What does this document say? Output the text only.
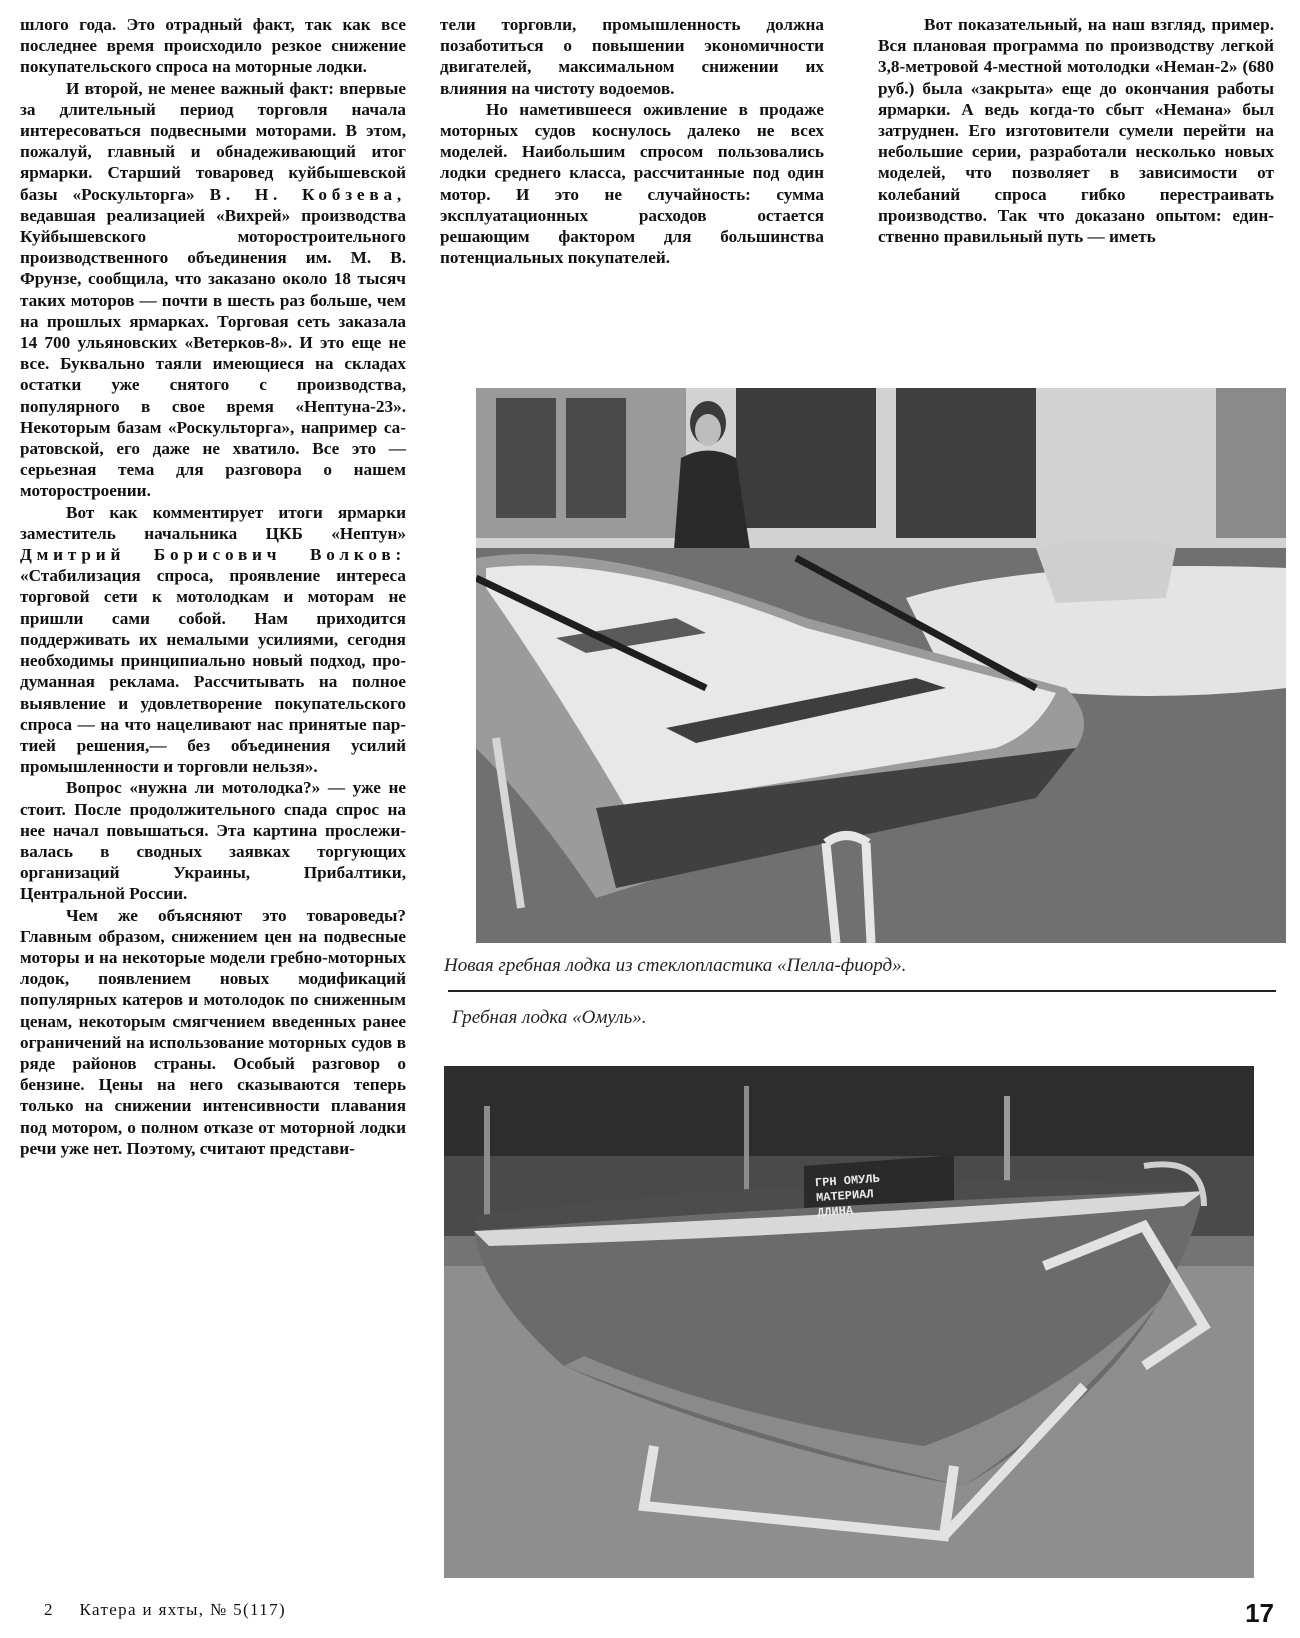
шлого года. Это отрадный факт, так как все последнее время происходило резкое снижение покупательского спроса на моторные лодки.

И второй, не менее важный факт: впервые за длительный период торговля начала интересоваться подвесными моторами. В этом, пожалуй, главный и обнадеживающий итог ярмарки. Старший товаровед куйбышевской базы «Роскульторга» В. Н. Кобзева, ведавшая реализацией «Вихрей» производства Куйбышевского моторостроительного производственного объединения им. М. В. Фрунзе, сообщила, что заказано около 18 тысяч таких моторов — почти в шесть раз больше, чем на прошлых ярмарках. Торговая сеть заказала 14 700 ульяновских «Ветерков-8». И это еще не все. Буквально таяли имеющиеся на складах остатки уже снятого с производства, популярного в свое время «Нептуна-23». Некоторым базам «Роскульторга», например саратовской, его даже не хватило. Все это — серьезная тема для разговора о нашем моторостроении.

Вот как комментирует итоги ярмарки заместитель начальника ЦКБ «Нептун» Дмитрий Борисович Волков: «Стабилизация спроса, проявление интереса торговой сети к мотолодкам и моторам не пришли сами собой. Нам приходится поддерживать их немалыми усилиями, сегодня необходимы принципиально новый подход, продуманная реклама. Рассчитывать на полное выявление и удовлетворение покупательского спроса — на что нацеливают нас принятые партией решения,— без объединения усилий промышленности и торговли нельзя».

Вопрос «нужна ли мотолодка?» — уже не стоит. После продолжительного спада спрос на нее начал повышаться. Эта картина прослеживалась в сводных заявках торгующих организаций Украины, Прибалтики, Центральной России.

Чем же объясняют это товароведы? Главным образом, снижением цен на подвесные моторы и на некоторые модели гребно-моторных лодок, появлением новых модификаций популярных катеров и мотолодок по сниженным ценам, некоторым смягчением введенных ранее ограничений на использование моторных судов в ряде районов страны. Особый разговор о бензине. Цены на него сказываются теперь только на снижении интенсивности плавания под мотором, о полном отказе от моторной лодки речи уже нет. Поэтому, считают представи-

тели торговли, промышленность должна позаботиться о повышении экономичности двигателей, максимальном снижении их влияния на чистоту водоемов.

Но наметившееся оживление в продаже моторных судов коснулось далеко не всех моделей. Наибольшим спросом пользовались лодки среднего класса, рассчитанные под один мотор. И это не случайность: сумма эксплуатационных расходов остается решающим фактором для большинства потенциальных покупателей.

Вот показательный, на наш взгляд, пример. Вся плановая программа по производству легкой 3,8-метровой 4-местной мотолодки «Неман-2» (680 руб.) была «закрыта» еще до окончания работы ярмарки. А ведь когда-то сбыт «Немана» был затруднен. Его изготовители сумели перейти на небольшие серии, разработали несколько новых моделей, что позволяет в зависимости от колебаний спроса гибко перестраивать производство. Так что доказано опытом: единственно правильный путь — иметь

Новая гребная лодка из стеклопластика «Пелла-фиорд».
Гребная лодка «Омуль».
ГРН ОМУЛЬ
МАТЕРИАЛ
ДЛИНА
2 Катера и яхты, № 5(117)	17
